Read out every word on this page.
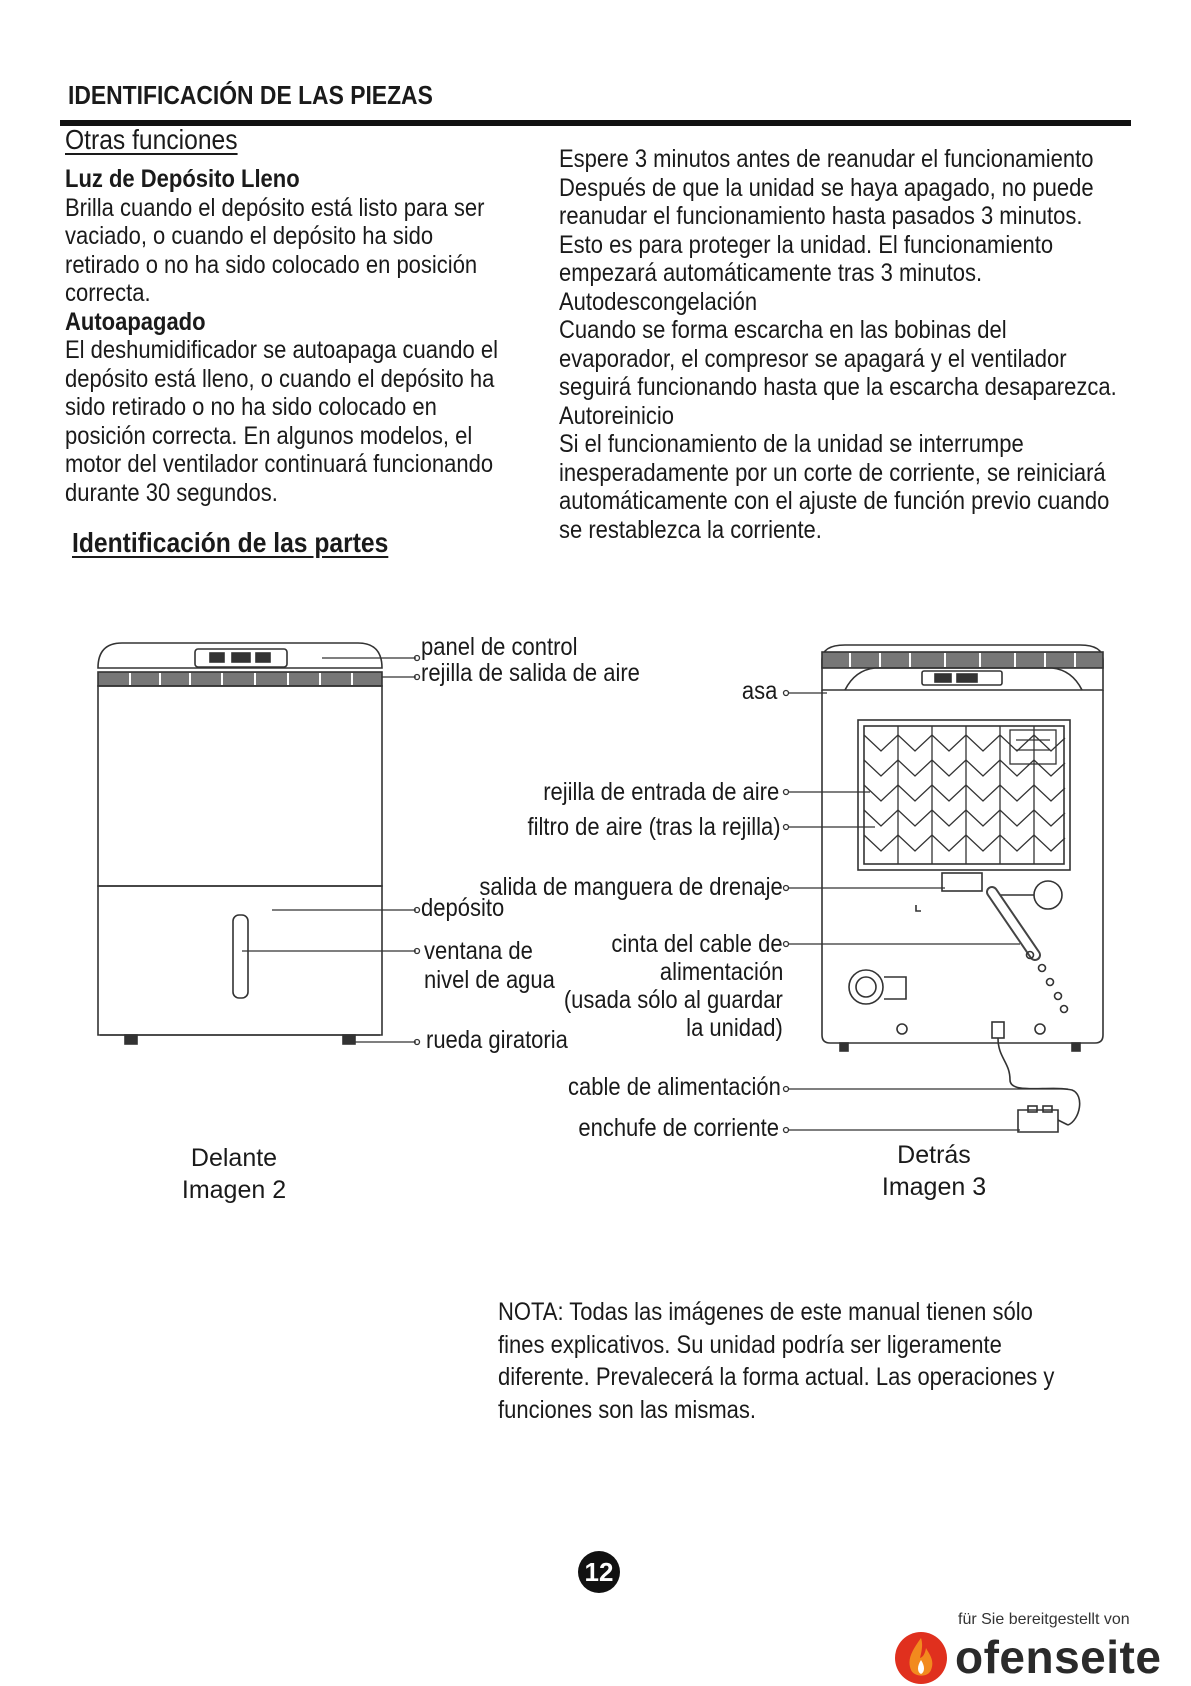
IDENTIFICACIÓN DE LAS PIEZAS
Otras funciones

Luz de Depósito Lleno

Brilla cuando el depósito está listo para ser

vaciado, o cuando el depósito ha sido

retirado o no ha sido colocado en posición

correcta.

Autoapagado

El deshumidificador se autoapaga cuando el

depósito está lleno, o cuando el depósito ha

sido retirado o no ha sido colocado en

posición correcta. En algunos modelos, el

motor del ventilador continuará funcionando

durante 30 segundos.

Espere 3 minutos antes de reanudar el funcionamiento

Después de que la unidad se haya apagado, no puede

reanudar el funcionamiento hasta pasados 3 minutos.

Esto es para proteger la unidad. El funcionamiento

empezará automáticamente tras 3 minutos.

Autodescongelación

Cuando se forma escarcha en las bobinas del

evaporador, el compresor se apagará y el ventilador

seguirá funcionando hasta que la escarcha desaparezca.

Autoreinicio

Si el funcionamiento de la unidad se interrumpe

inesperadamente por un corte de corriente, se reiniciará

automáticamente con el ajuste de función previo cuando

se restablezca la corriente.

Identificación de las partes
panel de control
rejilla de salida de aire
depósito
ventana de
nivel de agua
rueda giratoria
asa
rejilla de entrada de aire
filtro de aire (tras la rejilla)
salida de manguera de drenaje
cinta del cable de
alimentación
(usada sólo al guardar
la unidad)
cable de alimentación
enchufe de corriente
Delante
Imagen 2
Detrás
Imagen 3
NOTA: Todas las imágenes de este manual tienen sólo
fines explicativos. Su unidad podría ser ligeramente
diferente. Prevalecerá la forma actual. Las operaciones y
funciones son las mismas.
12
für Sie bereitgestellt von
ofenseite
